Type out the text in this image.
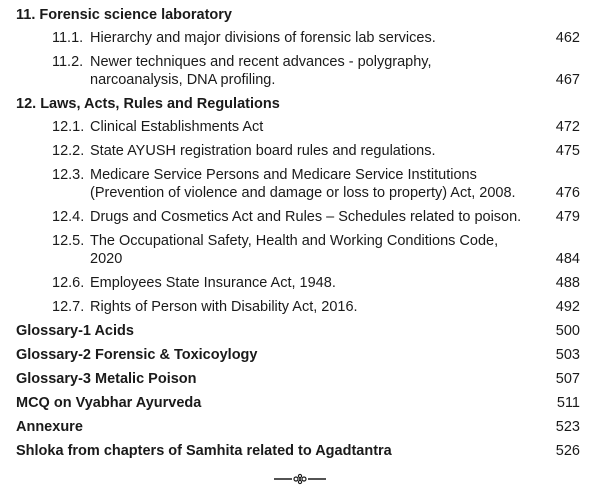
11. Forensic science laboratory
11.1. Hierarchy and major divisions of forensic lab services.	462
11.2. Newer techniques and recent advances - polygraphy,
narcoanalysis, DNA profiling.	467
12. Laws, Acts, Rules and Regulations
12.1. Clinical Establishments Act	472
12.2. State AYUSH registration board rules and regulations.	475
12.3. Medicare Service Persons and Medicare Service Institutions
(Prevention of violence and damage or loss to property) Act, 2008.	476
12.4. Drugs and Cosmetics Act and Rules – Schedules related to poison. 479
12.5. The Occupational Safety, Health and Working Conditions Code, 2020	484
12.6. Employees State Insurance Act, 1948.	488
12.7. Rights of Person with Disability Act, 2016.	492
Glossary-1 Acids	500
Glossary-2 Forensic & Toxicoylogy	503
Glossary-3 Metalic Poison	507
MCQ on Vyabhar Ayurveda	511
Annexure	523
Shloka from chapters of Samhita related to Agadtantra	526
